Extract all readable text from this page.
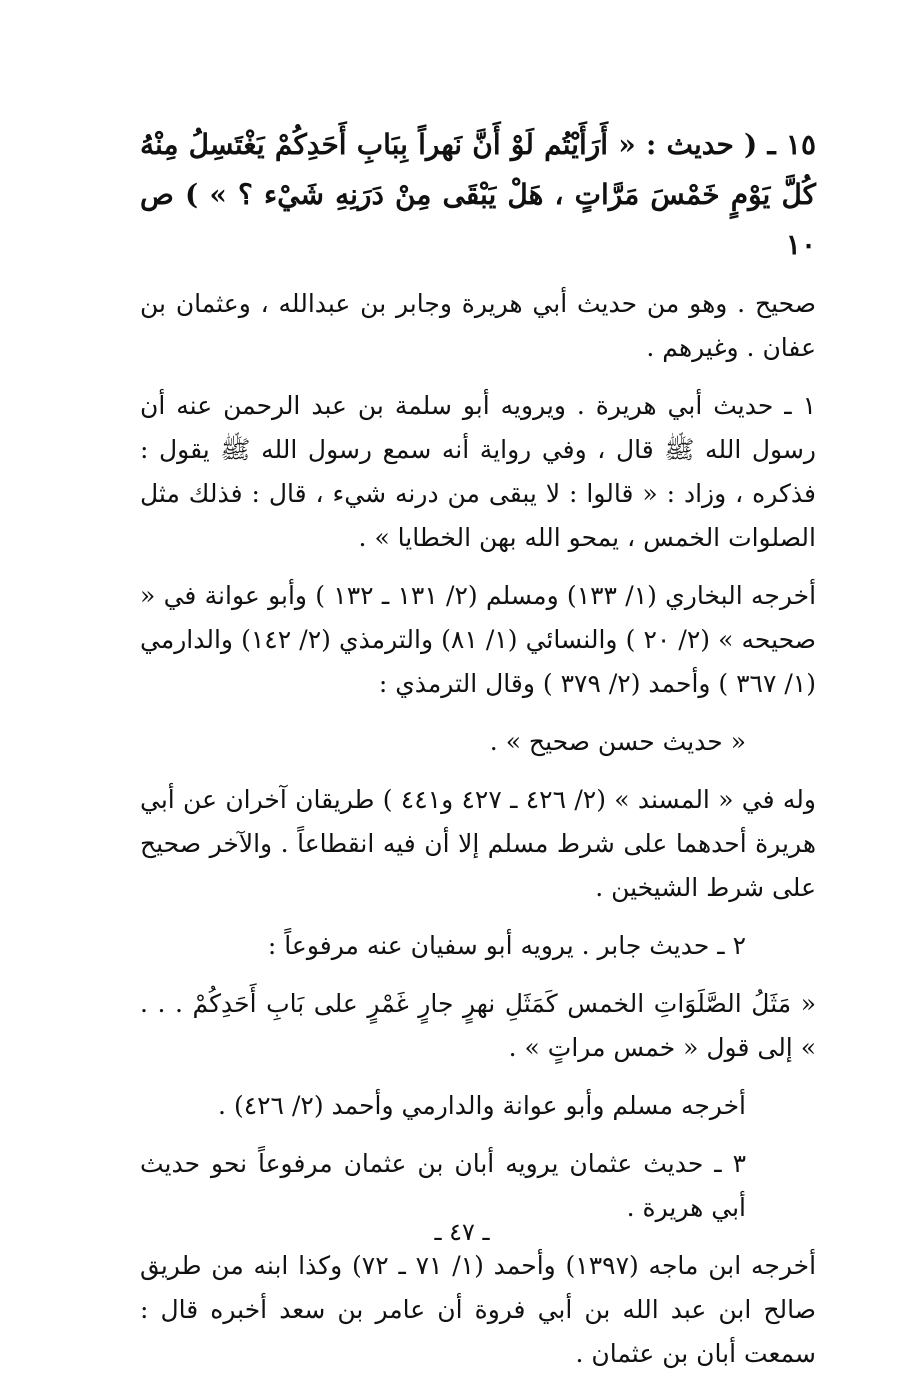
١٥ ـ ( حديث : « أَرَأَيْتُم لَوْ أَنَّ نَهراً بِبَابِ أَحَدِكُمْ يَغْتَسِلُ مِنْهُ كُلَّ يَوْمٍ خَمْسَ مَرَّاتٍ ، هَلْ يَبْقَى مِنْ دَرَنِهِ شَيْء ؟ » ) ص ١٠

صحيح . وهو من حديث أبي هريرة وجابر بن عبدالله ، وعثمان بن عفان . وغيرهم .

١ ـ حديث أبي هريرة . ويرويه أبو سلمة بن عبد الرحمن عنه أن رسول الله ﷺ قال ، وفي رواية أنه سمع رسول الله ﷺ يقول : فذكره ، وزاد : « قالوا : لا يبقى من درنه شيء ، قال : فذلك مثل الصلوات الخمس ، يمحو الله بهن الخطايا » .

أخرجه البخاري (١/ ١٣٣) ومسلم (٢/ ١٣١ ـ ١٣٢ ) وأبو عوانة في « صحيحه » (٢/ ٢٠ ) والنسائي (١/ ٨١) والترمذي (٢/ ١٤٢) والدارمي (١/ ٣٦٧ ) وأحمد (٢/ ٣٧٩ ) وقال الترمذي :

« حديث حسن صحيح » .

وله في « المسند » (٢/ ٤٢٦ ـ ٤٢٧ و٤٤١ ) طريقان آخران عن أبي هريرة أحدهما على شرط مسلم إلا أن فيه انقطاعاً . والآخر صحيح على شرط الشيخين .

٢ ـ حديث جابر . يرويه أبو سفيان عنه مرفوعاً :

« مَثَلُ الصَّلَوَاتِ الخمس كَمَثَلِ نهرٍ جارٍ غَمْرٍ على بَابِ أَحَدِكُمْ . . . » إلى قول « خمس مراتٍ » .

أخرجه مسلم وأبو عوانة والدارمي وأحمد (٢/ ٤٢٦) .

٣ ـ حديث عثمان يرويه أبان بن عثمان مرفوعاً نحو حديث أبي هريرة .

أخرجه ابن ماجه (١٣٩٧) وأحمد (١/ ٧١ ـ ٧٢) وكذا ابنه من طريق صالح ابن عبد الله بن أبي فروة أن عامر بن سعد أخبره قال : سمعت أبان بن عثمان .

ـ ٤٧ ـ
